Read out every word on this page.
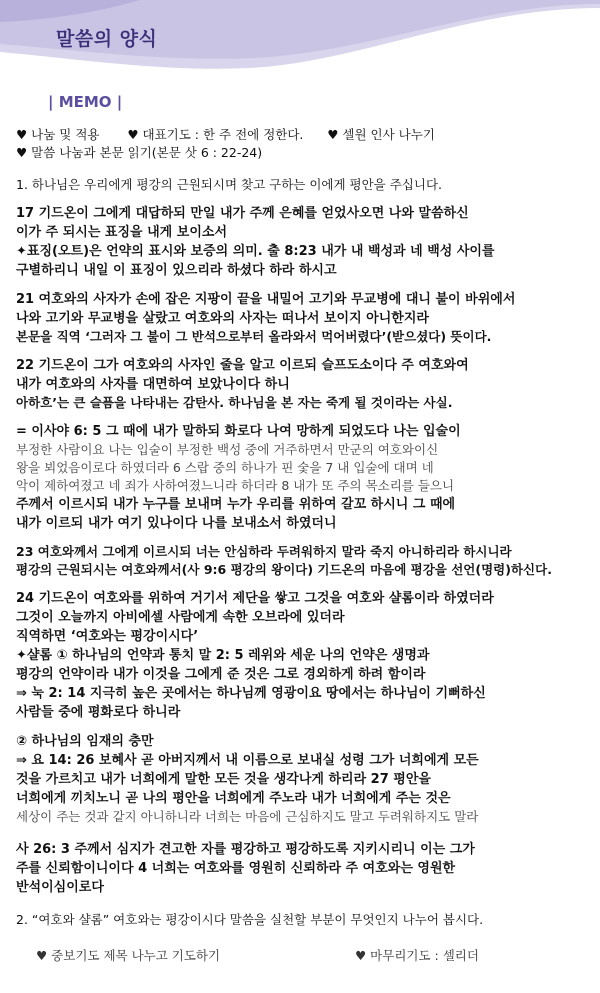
말씀의 양식
| MEMO |
♥ 나눔 및 적용 ♥ 대표기도 : 한 주 전에 정한다. ♥ 셀원 인사 나누기
♥ 말씀 나눔과 본문 읽기(본문 삿 6 : 22-24)
1. 하나님은 우리에게 평강의 근원되시며 찾고 구하는 이에게 평안을 주십니다.
17 기드온이 그에게 대답하되 만일 내가 주께 은혜를 얻었사오면 나와 말씀하신
이가 주 되시는 표징을 내게 보이소서
✦표징(오트)은 언약의 표시와 보증의 의미. 출 8:23 내가 내 백성과 네 백성 사이를
구별하리니 내일 이 표징이 있으리라 하셨다 하라 하시고
21 여호와의 사자가 손에 잡은 지팡이 끝을 내밀어 고기와 무교병에 대니 불이 바위에서
나와 고기와 무교병을 살랐고 여호와의 사자는 떠나서 보이지 아니한지라
본문을 직역 ‘그러자 그 불이 그 반석으로부터 올라와서 먹어버렸다’(받으셨다) 뜻이다.
22 기드온이 그가 여호와의 사자인 줄을 알고 이르되 슬프도소이다 주 여호와여
내가 여호와의 사자를 대면하여 보았나이다 하니
아하흐’는 큰 슬픔을 나타내는 감탄사. 하나님을 본 자는 죽게 될 것이라는 사실.
= 이사야 6: 5 그 때에 내가 말하되 화로다 나여 망하게 되었도다 나는 입술이
부정한 사람이요 나는 입술이 부정한 백성 중에 거주하면서 만군의 여호와이신
왕을 뵈었음이로다 하였더라 6 스랍 중의 하나가 핀 숯을 7 내 입술에 대며 네
악이 제하여졌고 네 죄가 사하여졌느니라 하더라 8 내가 또 주의 목소리를 들으니
주께서 이르시되 내가 누구를 보내며 누가 우리를 위하여 갈꼬 하시니 그 때에
내가 이르되 내가 여기 있나이다 나를 보내소서 하였더니
23 여호와께서 그에게 이르시되 너는 안심하라 두려워하지 말라 죽지 아니하리라 하시니라
평강의 근원되시는 여호와께서(사 9:6 평강의 왕이다) 기드온의 마음에 평강을 선언(명령)하신다.
24 기드온이 여호와를 위하여 거기서 제단을 쌓고 그것을 여호와 샬롬이라 하였더라
그것이 오늘까지 아비에셀 사람에게 속한 오브라에 있더라
직역하면 ‘여호와는 평강이시다’
✦샬롬 ① 하나님의 언약과 통치 말 2: 5 레위와 세운 나의 언약은 생명과
평강의 언약이라 내가 이것을 그에게 준 것은 그로 경외하게 하려 함이라
⇒ 눅 2: 14 지극히 높은 곳에서는 하나님께 영광이요 땅에서는 하나님이 기뻐하신
사람들 중에 평화로다 하니라
② 하나님의 임재의 충만
⇒ 요 14: 26 보혜사 곧 아버지께서 내 이름으로 보내실 성령 그가 너희에게 모든
것을 가르치고 내가 너희에게 말한 모든 것을 생각나게 하리라 27 평안을
너희에게 끼치노니 곧 나의 평안을 너희에게 주노라 내가 너희에게 주는 것은
세상이 주는 것과 같지 아니하니라 너희는 마음에 근심하지도 말고 두려워하지도 말라
사 26: 3 주께서 심지가 견고한 자를 평강하고 평강하도록 지키시리니 이는 그가
주를 신뢰함이니이다 4 너희는 여호와를 영원히 신뢰하라 주 여호와는 영원한
반석이심이로다
2. “여호와 샬롬” 여호와는 평강이시다 말씀을 실천할 부분이 무엇인지 나누어 봅시다.
♥ 중보기도 제목 나누고 기도하기	♥ 마무리기도 : 셀리더
